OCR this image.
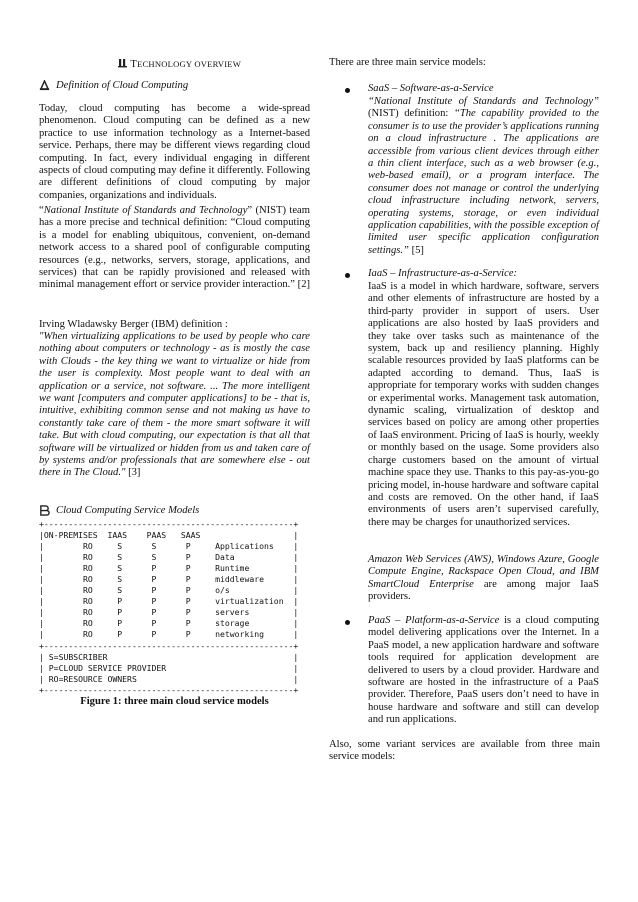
TECHNOLOGY OVERVIEW
Definition of Cloud Computing

Today, cloud computing has become a wide-spread phenomenon. Cloud computing can be defined as a new practice to use information technology as a Internet-based service. Perhaps, there may be different views regarding cloud computing. In fact, every individual engaging in different aspects of cloud computing may define it differently. Following are different definitions of cloud computing by major companies, organizations and individuals.

“National Institute of Standards and Technology” (NIST) team has a more precise and technical definition: “Cloud computing is a model for enabling ubiquitous, convenient, on-demand network access to a shared pool of configurable computing resources (e.g., networks, servers, storage, applications, and services) that can be rapidly provisioned and released with minimal management effort or service provider interaction.” [2]

Irving Wladawsky Berger (IBM) definition :

"When virtualizing applications to be used by people who care nothing about computers or technology - as is mostly the case with Clouds - the key thing we want to virtualize or hide from the user is complexity. Most people want to deal with an application or a service, not software. ... The more intelligent we want [computers and computer applications] to be - that is, intuitive, exhibiting common sense and not making us have to constantly take care of them - the more smart software it will take. But with cloud computing, our expectation is that all that software will be virtualized or hidden from us and taken care of by systems and/or professionals that are somewhere else - out there in The Cloud." [3]

Cloud Computing Service Models
+---------------------------------------------------+
|ON-PREMISES  IAAS    PAAS   SAAS                   |
|        RO     S      S      P     Applications    |
|        RO     S      S      P     Data            |
|        RO     S      P      P     Runtime         |
|        RO     S      P      P     middleware      |
|        RO     S      P      P     o/s             |
|        RO     P      P      P     virtualization  |
|        RO     P      P      P     servers         |
|        RO     P      P      P     storage         |
|        RO     P      P      P     networking      |
+---------------------------------------------------+
| S=SUBSCRIBER                                      |
| P=CLOUD SERVICE PROVIDER                          |
| RO=RESOURCE OWNERS                                |
+---------------------------------------------------+
Figure 1: three main cloud service models

There are three main service models:

SaaS – Software-as-a-Service

“National Institute of Standards and Technology” (NIST) definition: “The capability provided to the consumer is to use the provider’s applications running on a cloud infrastructure . The applications are accessible from various client devices through either a thin client interface, such as a web browser (e.g., web-based email), or a program interface. The consumer does not manage or control the underlying cloud infrastructure including network, servers, operating systems, storage, or even individual application capabilities, with the possible exception of limited user specific application configuration settings.” [5]

IaaS – Infrastructure-as-a-Service:

IaaS is a model in which hardware, software, servers and other elements of infrastructure are hosted by a third-party provider in support of users. User applications are also hosted by IaaS providers and they take over tasks such as maintenance of the system, back up and resiliency planning. Highly scalable resources provided by IaaS platforms can be adapted according to demand. Thus, IaaS is appropriate for temporary works with sudden changes or experimental works. Management task automation, dynamic scaling, virtualization of desktop and services based on policy are among other properties of IaaS environment. Pricing of IaaS is hourly, weekly or monthly based on the usage. Some providers also charge customers based on the amount of virtual machine space they use. Thanks to this pay-as-you-go pricing model, in-house hardware and software capital and costs are removed. On the other hand, if IaaS environments of users aren’t supervised carefully, there may be charges for unauthorized services.

Amazon Web Services (AWS), Windows Azure, Google Compute Engine, Rackspace Open Cloud, and IBM SmartCloud Enterprise are among major IaaS providers.

PaaS – Platform-as-a-Service is a cloud computing model delivering applications over the Internet. In a PaaS model, a new application hardware and software tools required for application development are delivered to users by a cloud provider. Hardware and software are hosted in the infrastructure of a PaaS provider. Therefore, PaaS users don’t need to have in house hardware and software and still can develop and run applications.

Also, some variant services are available from three main service models:
